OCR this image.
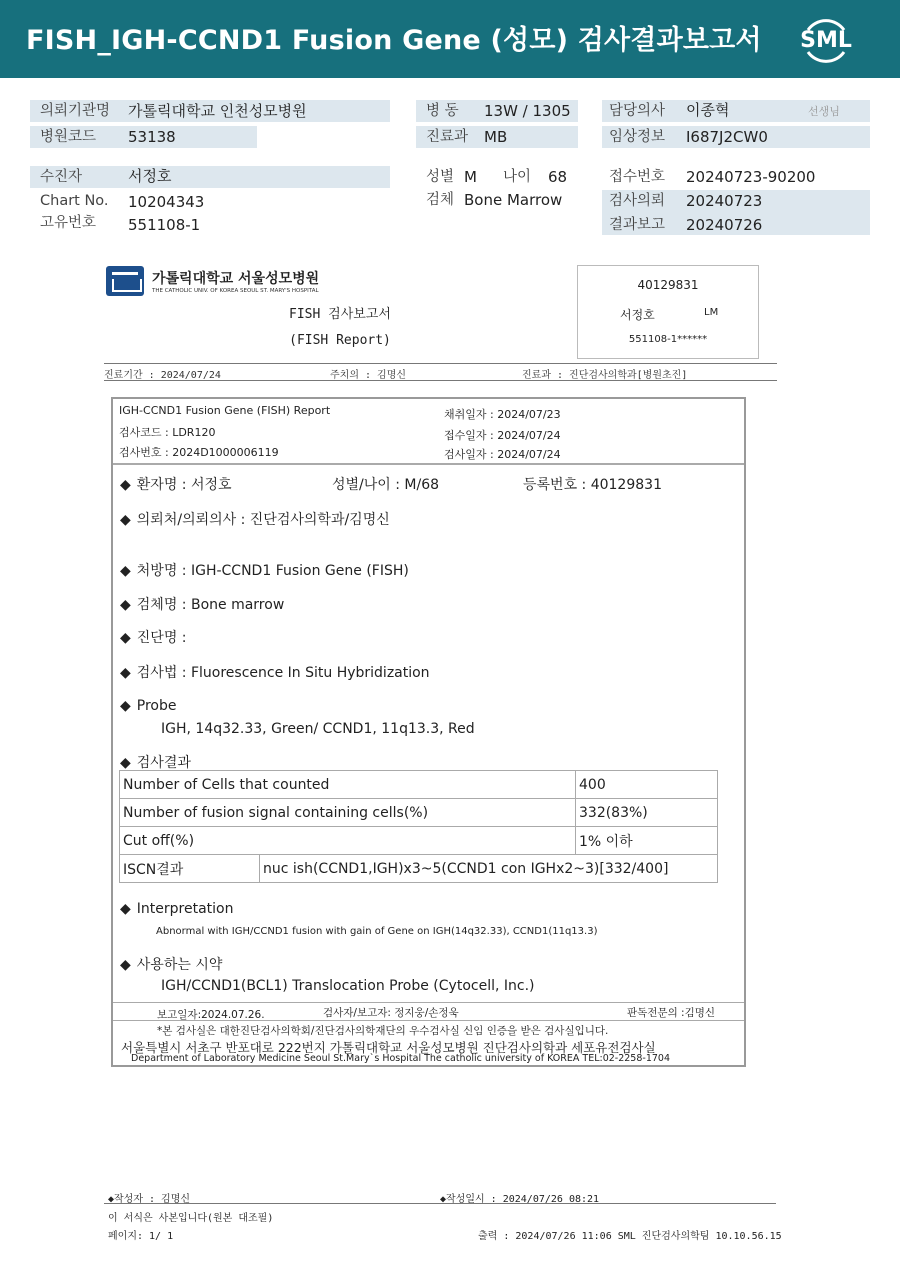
FISH_IGH-CCND1 Fusion Gene (성모) 검사결과보고서 SML
의뢰기관명 가톨릭대학교 인천성모병원	병 동 13W / 1305	담당의사 이종혁	선생님
병원코드 53138	진료과 MB	임상정보 I687J2CW0
수진자	서정호	성별 M 나이 68	접수번호 20240723-90200
Chart No. 10204343	검체 Bone Marrow	검사의뢰 20240723
고유번호 551108-1	결과보고 20240726
가톨릭대학교 서울성모병원
THE CATHOLIC UNIV. OF KOREA SEOUL ST. MARY'S HOSPITAL
FISH 검사보고서
(FISH Report)
40129831
서정호	LM
551108-1******
진료기간 : 2024/07/24	주치의 : 김명신	진료과 : 진단검사의학과[병원초진]
IGH-CCND1 Fusion Gene (FISH) Report
검사코드 : LDR120
검사번호 : 2024D1000006119
채취일자 : 2024/07/23
접수일자 : 2024/07/24
검사일자 : 2024/07/24
◆ 환자명 : 서정호	성별/나이 : M/68	등록번호 : 40129831
◆ 의뢰처/의뢰의사 : 진단검사의학과/김명신
◆ 처방명 : IGH-CCND1 Fusion Gene (FISH)
◆ 검체명 : Bone marrow
◆ 진단명 :
◆ 검사법 : Fluorescence In Situ Hybridization
◆ Probe
IGH, 14q32.33, Green/ CCND1, 11q13.3, Red
◆ 검사결과
Number of Cells that counted		400
Number of fusion signal containing cells(%)		332(83%)
Cut off(%)		1% 이하
ISCN결과	nuc ish(CCND1,IGH)x3~5(CCND1 con IGHx2~3)[332/400]	
◆ Interpretation
Abnormal with IGH/CCND1 fusion with gain of Gene on IGH(14q32.33), CCND1(11q13.3)
◆ 사용하는 시약
IGH/CCND1(BCL1) Translocation Probe (Cytocell, Inc.)
보고일자:2024.07.26.	검사자/보고자: 정지웅/손정욱	판독전문의 :김명신
*본 검사실은 대한진단검사의학회/진단검사의학재단의 우수검사실 신임 인증을 받은 검사실입니다.
서울특별시 서초구 반포대로 222번지 가톨릭대학교 서울성모병원 진단검사의학과 세포유전검사실
Department of Laboratory Medicine Seoul St.Mary`s Hospital The catholic university of KOREA TEL:02-2258-1704
◆작성자 : 김명신	◆작성일시 : 2024/07/26 08:21
이 서식은 사본입니다(원본 대조필)
페이지: 1/ 1	출력 : 2024/07/26 11:06 SML 진단검사의학팀 10.10.56.15
